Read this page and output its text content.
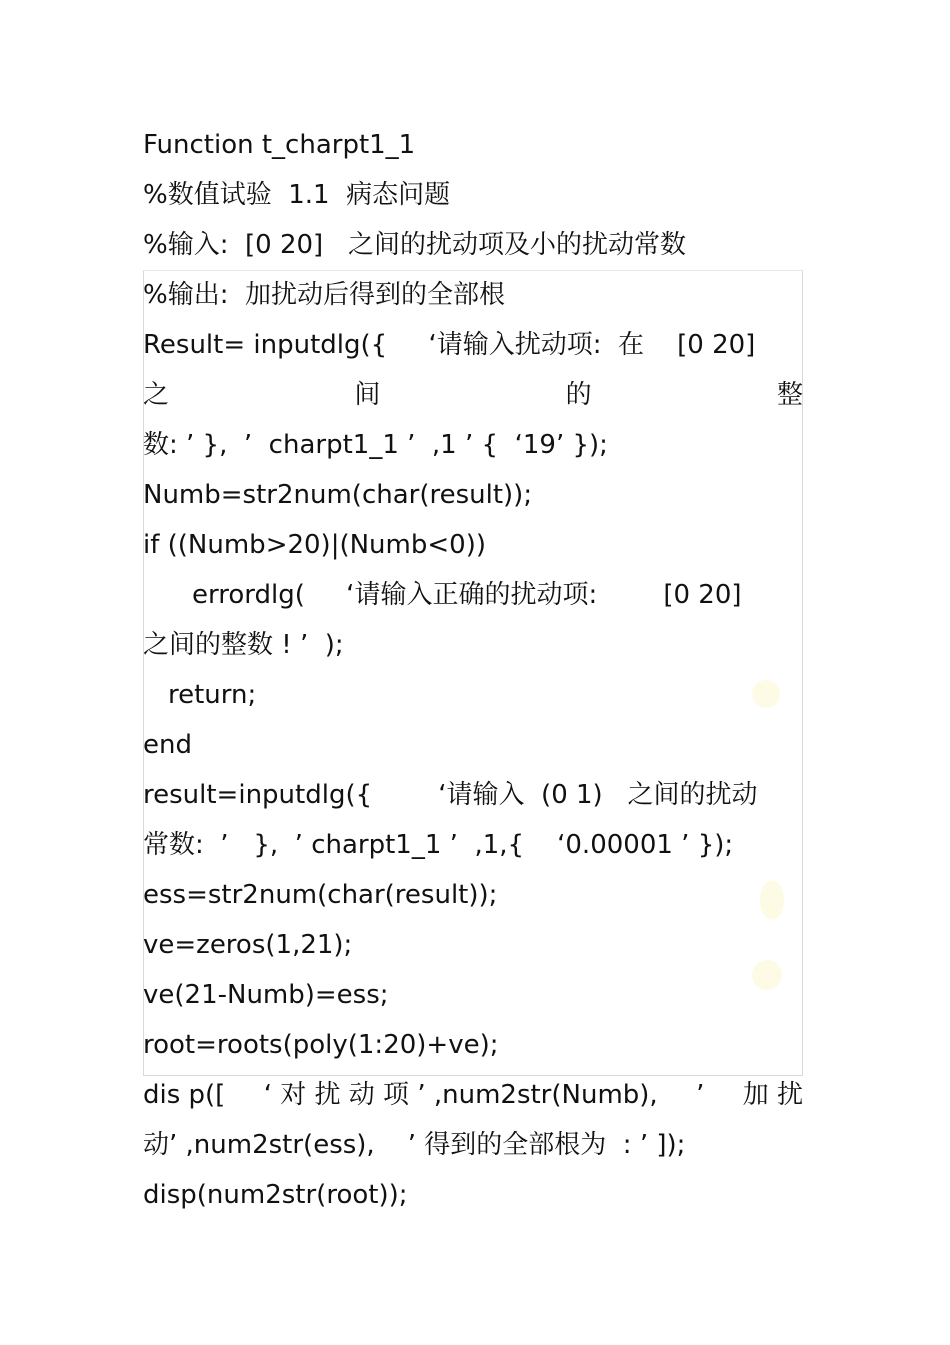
Function t_charpt1_1
%数值试验  1.1  病态问题
%输入:  [0 20]   之间的扰动项及小的扰动常数
%输出:  加扰动后得到的全部根
Result= inputdlg({     ‘请输入扰动项:  在    [0 20]
之	间	的	整
数: ’ },  ’  charpt1_1 ’  ,1 ’ {  ‘19’ });
Numb=str2num(char(result));
if ((Numb>20)|(Numb<0))
errordlg(     ‘请输入正确的扰动项:        [0 20]
之间的整数 ! ’  );
return;
end
result=inputdlg({        ‘请输入  (0 1)   之间的扰动
常数:  ’   },  ’ charpt1_1 ’  ,1,{    ‘0.00001 ’ });
ess=str2num(char(result));
ve=zeros(1,21);
ve(21-Numb)=ess;
root=roots(poly(1:20)+ve);
dis p([ ‘ 对 扰 动 项 ’ ,num2str(Numb), ’ 加 扰
动’ ,num2str(ess),    ’ 得到的全部根为  : ’ ]);
disp(num2str(root));
